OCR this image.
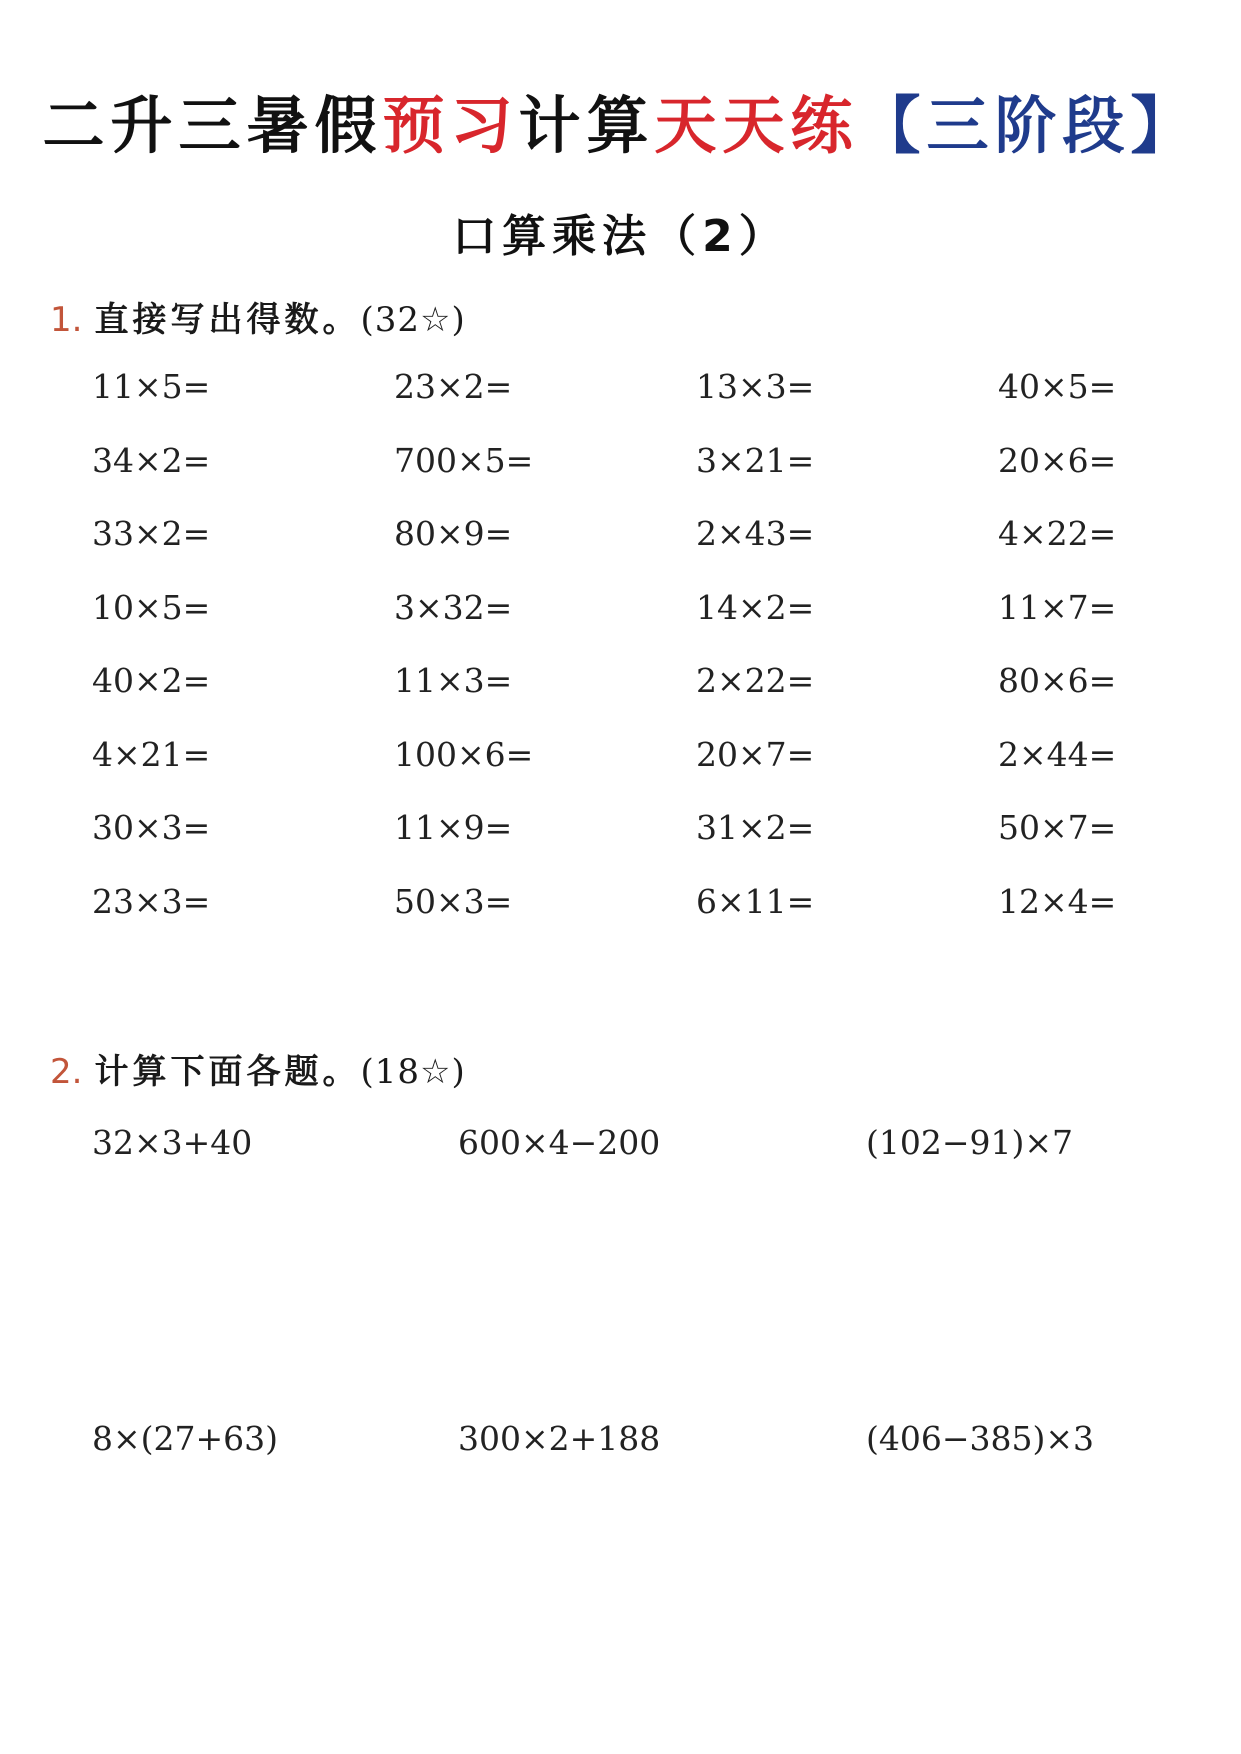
二升三暑假预习计算天天练【三阶段】
口算乘法（2）
1. 直接写出得数。(32☆)
11×5=	23×2=	13×3=	40×5=
34×2=	700×5=	3×21=	20×6=
33×2=	80×9=	2×43=	4×22=
10×5=	3×32=	14×2=	11×7=
40×2=	11×3=	2×22=	80×6=
4×21=	100×6=	20×7=	2×44=
30×3=	11×9=	31×2=	50×7=
23×3=	50×3=	6×11=	12×4=
2. 计算下面各题。(18☆)
32×3+40	600×4−200	(102−91)×7
8×(27+63)	300×2+188	(406−385)×3
